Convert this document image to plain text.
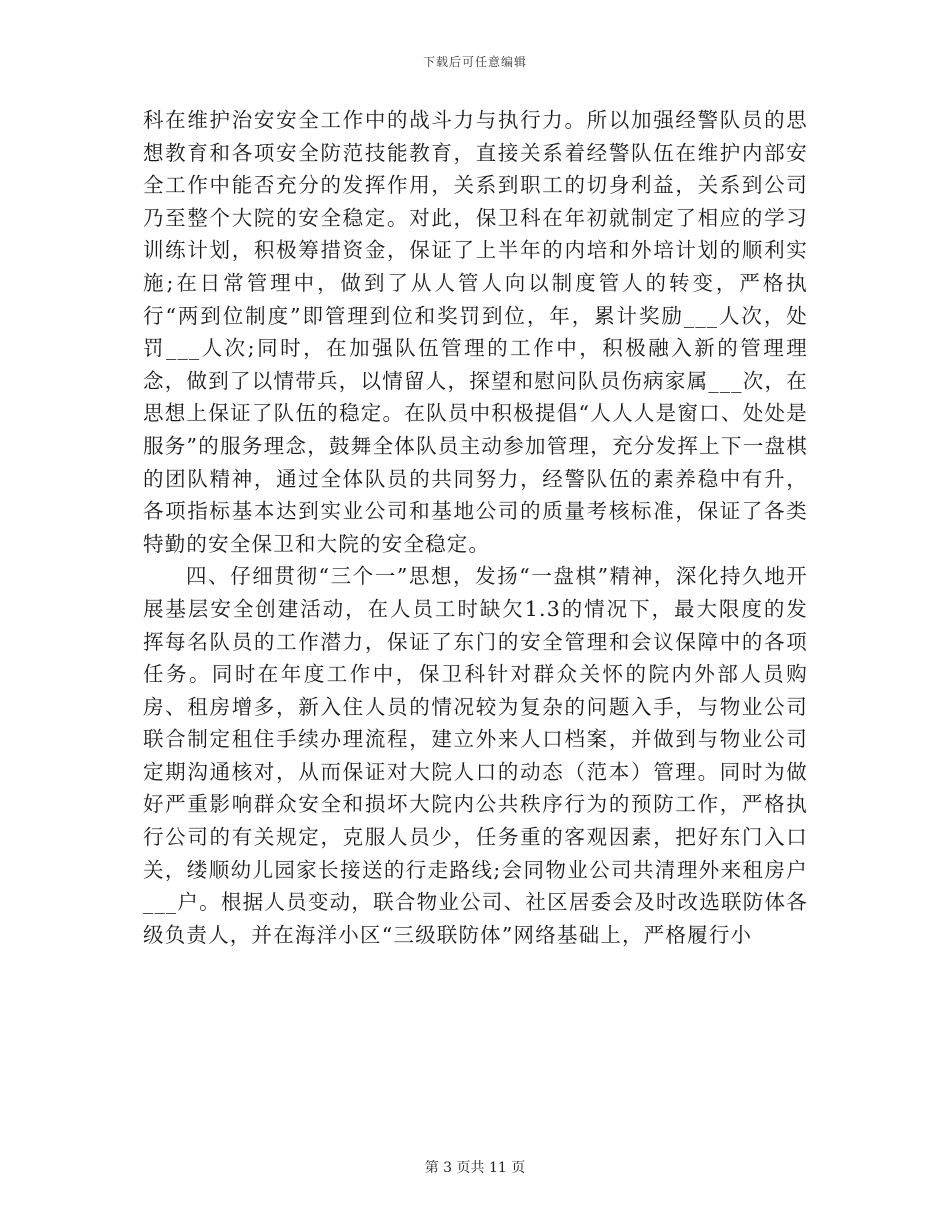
下载后可任意编辑

科在维护治安安全工作中的战斗力与执行力。所以加强经警队员的思想教育和各项安全防范技能教育，直接关系着经警队伍在维护内部安全工作中能否充分的发挥作用，关系到职工的切身利益，关系到公司乃至整个大院的安全稳定。对此，保卫科在年初就制定了相应的学习训练计划，积极筹措资金，保证了上半年的内培和外培计划的顺利实施;在日常管理中，做到了从人管人向以制度管人的转变，严格执行“两到位制度”即管理到位和奖罚到位，年，累计奖励___人次，处罚___人次;同时，在加强队伍管理的工作中，积极融入新的管理理念，做到了以情带兵，以情留人，探望和慰问队员伤病家属___次，在思想上保证了队伍的稳定。在队员中积极提倡“人人人是窗口、处处是服务”的服务理念，鼓舞全体队员主动参加管理，充分发挥上下一盘棋的团队精神，通过全体队员的共同努力，经警队伍的素养稳中有升，各项指标基本达到实业公司和基地公司的质量考核标准，保证了各类特勤的安全保卫和大院的安全稳定。

四、仔细贯彻“三个一”思想，发扬“一盘棋”精神，深化持久地开展基层安全创建活动，在人员工时缺欠1.3的情况下，最大限度的发挥每名队员的工作潜力，保证了东门的安全管理和会议保障中的各项任务。同时在年度工作中，保卫科针对群众关怀的院内外部人员购房、租房增多，新入住人员的情况较为复杂的问题入手，与物业公司联合制定租住手续办理流程，建立外来人口档案，并做到与物业公司定期沟通核对，从而保证对大院人口的动态（范本）管理。同时为做好严重影响群众安全和损坏大院内公共秩序行为的预防工作，严格执行公司的有关规定，克服人员少，任务重的客观因素，把好东门入口关，缕顺幼儿园家长接送的行走路线;会同物业公司共清理外来租房户___户。根据人员变动，联合物业公司、社区居委会及时改选联防体各级负责人，并在海洋小区“三级联防体”网络基础上，严格履行小

第 3 页共 11 页
